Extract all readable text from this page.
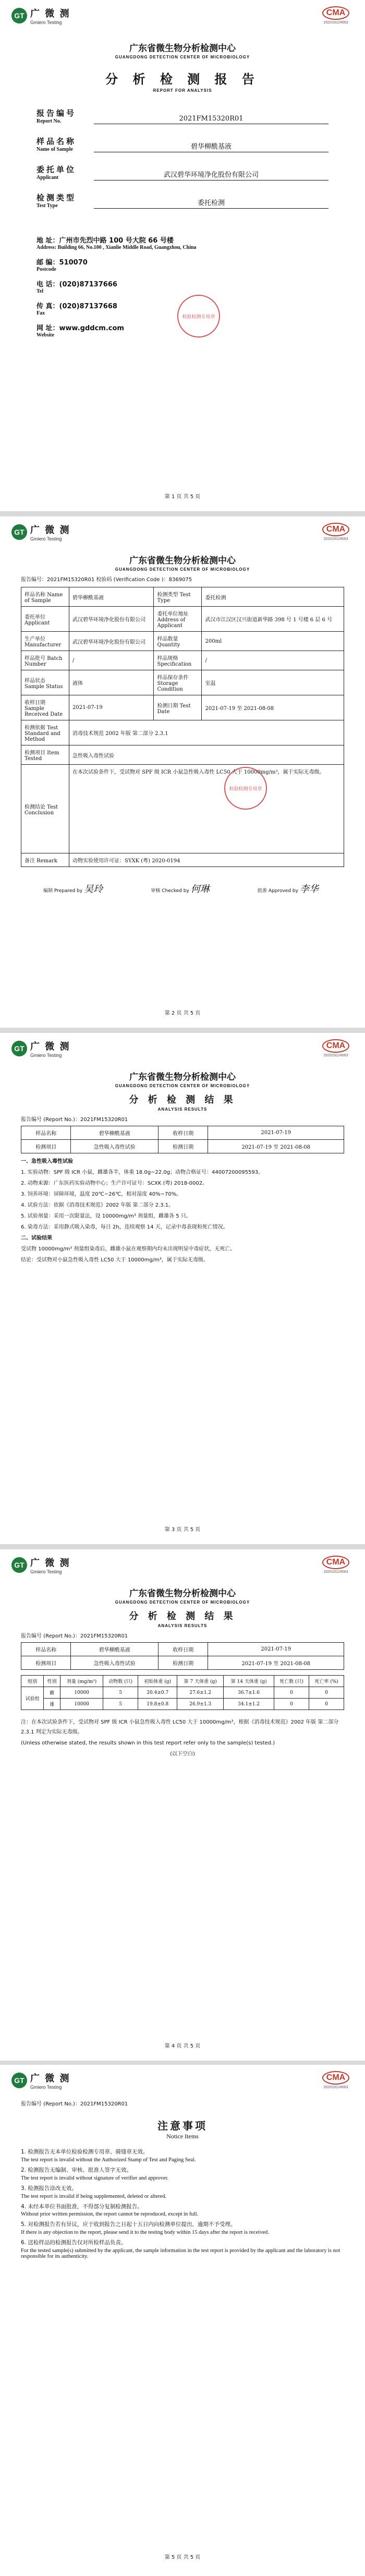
GT 广 微 测
Gmiero Testing
CMA
202019124563
广东省微生物分析检测中心
GUANGDONG DETECTION CENTER OF MICROBIOLOGY
分 析 检 测 报 告
REPORT FOR ANALYSIS
报告编号
Report No.	2021FM15320R01
样品名称
Name of Sample	碧华柳酰基液
委托单位
Applicant	武汉碧华环境净化股份有限公司
检测类型
Test Type	委托检测
检验检测专用章
地 址：广州市先烈中路 100 号大院 66 号楼
Address: Building 66, No.100 , Xianlie Middle Road, Guangzhou, China
邮 编：510070
Postcode
电 话：(020)87137666
Tel
传 真：(020)87137668
Fax
网 址：www.gddcm.com
Website
第 1 页 共 5 页
GT 广 微 测
Gmiero Testing
CMA
202019124563
广东省微生物分析检测中心
GUANGDONG DETECTION CENTER OF MICROBIOLOGY
报告编号：2021FM15320R01 校验码 (Verification Code )：8369075
样品名称 Name of Sample	碧华柳酰基液	检测类型 Test Type	委托检测
委托单位 Applicant	武汉碧华环境净化股份有限公司	委托单位地址 Address of Applicant	武汉市江汉区汉兴街道新华路 398 号 1 号楼 6 层 6 号
生产单位 Manufacturer	武汉碧华环境净化股份有限公司	样品数量 Quantity	200ml
样品批号 Batch Number	/	样品规格 Specification	/
样品状态 Sample Status	液体	样品保存条件 Storage Condition	室温
收样日期 Sample Received Date	2021-07-19	检测日期 Test Date	2021-07-19 至 2021-08-08
检测依据 Test Standard and Method	消毒技术规范 2002 年版 第二部分 2.3.1		
检测项目 Item Tested	急性吸入毒性试验		
检测结论 Test Conclusion	在本次试验条件下，受试物对 SPF 级 ICR 小鼠急性吸入毒性 LC50 大于 10000mg/m³，属于实际无毒级。		
备注 Remark	动物实验使用许可证：SYXK (粤) 2020-0194		
检验检测专用章
编制 Prepared by 吴玲	审核 Checked by 何琳	批准 Approved by 李华
第 2 页 共 5 页
GT 广 微 测
Gmiero Testing
CMA
202019124563
广东省微生物分析检测中心
GUANGDONG DETECTION CENTER OF MICROBIOLOGY
分 析 检 测 结 果
ANALYSIS RESULTS
报告编号 (Report No.)：2021FM15320R01
样品名称	碧华柳酰基液	收样日期	2021-07-19
检测项目	急性吸入毒性试验	检测日期	2021-07-19 至 2021-08-08

一、急性吸入毒性试验

1. 实验动物：SPF 级 ICR 小鼠，雌雄各半，体重 18.0g~22.0g；动物合格证号：44007200095593。

2. 动物来源：广东医药实验动物中心；生产许可证号：SCXK (粤) 2018-0002。

3. 饲养环境：屏障环境，温度 20℃~26℃，相对湿度 40%~70%。

4. 试验方法：依据《消毒技术规范》2002 年版 第二部分 2.3.1。

5. 试验剂量：采用一次限量法，设 10000mg/m³ 剂量组，雌雄各 5 只。

6. 染毒方法：采用静式吸入染毒，每日 2h，连续观察 14 天，记录中毒表现和死亡情况。

二、试验结果

受试物 10000mg/m³ 剂量组染毒后，雌雄小鼠在观察期内均未出现明显中毒症状，无死亡。

结论：受试物对小鼠急性吸入毒性 LC50 大于 10000mg/m³，属于实际无毒级。

第 3 页 共 5 页
GT 广 微 测
Gmiero Testing
CMA
202019124563
广东省微生物分析检测中心
GUANGDONG DETECTION CENTER OF MICROBIOLOGY
分 析 检 测 结 果
ANALYSIS RESULTS
报告编号 (Report No.)：2021FM15320R01
样品名称	碧华柳酰基液	收样日期	2021-07-19
检测项目	急性吸入毒性试验	检测日期	2021-07-19 至 2021-08-08
组别	性别	剂量 (mg/m³)	动物数 (只)	初始体重 (g)	第 7 天体重 (g)	第 14 天体重 (g)	死亡数 (只)	死亡率 (%)
试验组	雌	10000	5	20.4±0.7	27.6±1.2	36.7±1.6	0	0
	雄	10000	5	19.8±0.8	26.9±1.3	34.1±1.2	0	0

注：在本次试验条件下，受试物对 SPF 级 ICR 小鼠急性吸入毒性 LC50 大于 10000mg/m³，根据《消毒技术规范》2002 年版 第二部分 2.3.1 判定为实际无毒级。

(Unless otherwise stated, the results shown in this test report refer only to the sample(s) tested.)

(以下空白)

第 4 页 共 5 页
GT 广 微 测
Gmiero Testing
CMA
202019124563
报告编号 (Report No.)：2021FM15320R01
注意事项
Notice Items
1. 检测报告无本单位检验检测专用章、骑缝章无效。
The test report is invalid without the Authorized Stamp of Test and Paging Seal.
2. 检测报告无编制、审核、批准人签字无效。
The test report is invalid without signature of verifier and approver.
3. 检测报告涂改无效。
The test report is invalid if being supplemented, deleted or altered.
4. 未经本单位书面批准，不得部分复制检测报告。
Without prior written permission, the report cannot be reproduced, except in full.
5. 对检测报告若有异议，应于收到报告之日起十五日内向检测单位提出，逾期不予受理。
If there is any objection to the report, please send it to the testing body within 15 days after the report is received.
6. 送检样品的检测报告仅对所检样品负责。
For the tested sample(s) submitted by the applicant, the sample information in the test report is provided by the applicant and the laboratory is not responsible for its authenticity.
第 5 页 共 5 页
